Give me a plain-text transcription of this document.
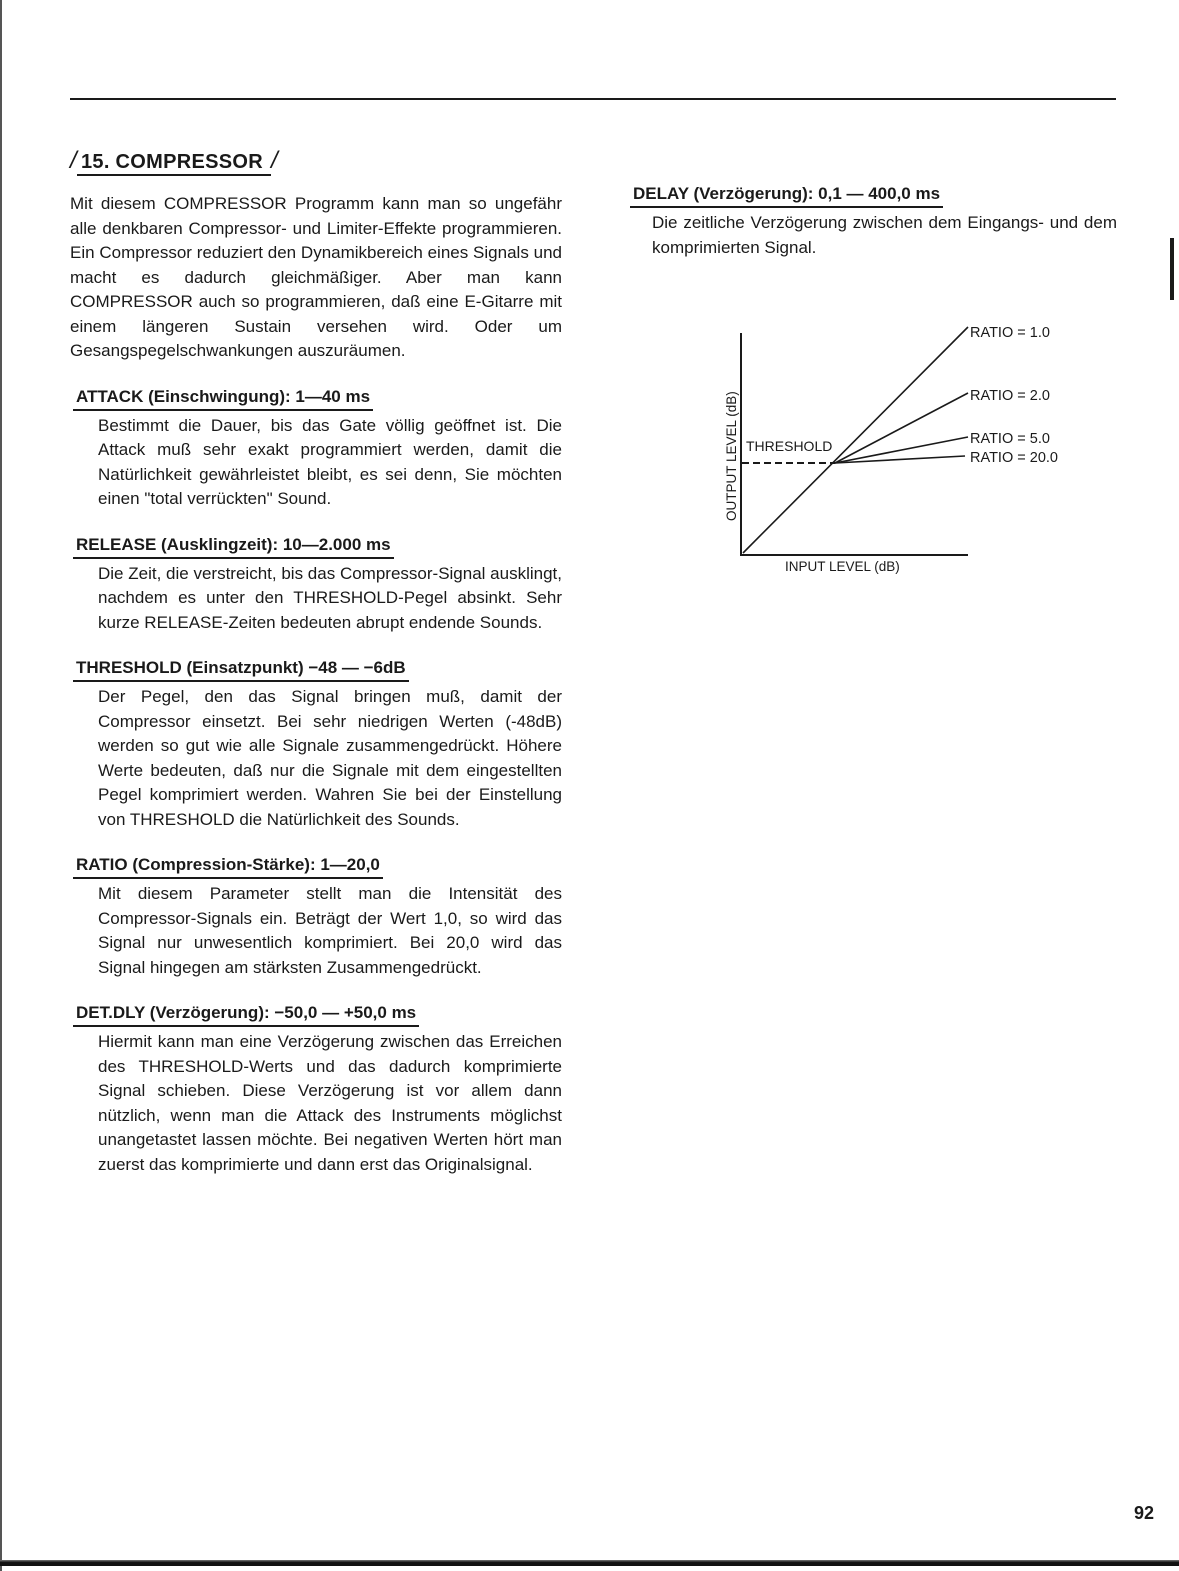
/ 15. COMPRESSOR /

Mit diesem COMPRESSOR Programm kann man so ungefähr alle denkbaren Compressor- und Limiter-Effekte programmieren. Ein Compressor reduziert den Dynamikbereich eines Signals und macht es dadurch gleichmäßiger. Aber man kann COMPRESSOR auch so programmieren, daß eine E-Gitarre mit einem längeren Sustain versehen wird. Oder um Gesangspegelschwankungen auszuräumen.

ATTACK (Einschwingung): 1—40 ms

Bestimmt die Dauer, bis das Gate völlig geöffnet ist. Die Attack muß sehr exakt programmiert werden, damit die Natürlichkeit gewährleistet bleibt, es sei denn, Sie möchten einen "total verrückten" Sound.

RELEASE (Ausklingzeit): 10—2.000 ms

Die Zeit, die verstreicht, bis das Compressor-Signal ausklingt, nachdem es unter den THRESHOLD-Pegel absinkt. Sehr kurze RELEASE-Zeiten bedeuten abrupt endende Sounds.

THRESHOLD (Einsatzpunkt) −48 — −6dB

Der Pegel, den das Signal bringen muß, damit der Compressor einsetzt. Bei sehr niedrigen Werten (-48dB) werden so gut wie alle Signale zusammengedrückt. Höhere Werte bedeuten, daß nur die Signale mit dem eingestellten Pegel komprimiert werden. Wahren Sie bei der Einstellung von THRESHOLD die Natürlichkeit des Sounds.

RATIO (Compression-Stärke): 1—20,0

Mit diesem Parameter stellt man die Intensität des Compressor-Signals ein. Beträgt der Wert 1,0, so wird das Signal nur unwesentlich komprimiert. Bei 20,0 wird das Signal hingegen am stärksten Zusammengedrückt.

DET.DLY (Verzögerung): −50,0 — +50,0 ms

Hiermit kann man eine Verzögerung zwischen das Erreichen des THRESHOLD-Werts und das dadurch komprimierte Signal schieben. Diese Verzögerung ist vor allem dann nützlich, wenn man die Attack des Instruments möglichst unangetastet lassen möchte. Bei negativen Werten hört man zuerst das komprimierte und dann erst das Originalsignal.

DELAY (Verzögerung): 0,1 — 400,0 ms

Die zeitliche Verzögerung zwischen dem Eingangs- und dem komprimierten Signal.

THRESHOLD
RATIO = 1.0
RATIO = 2.0
RATIO = 5.0
RATIO = 20.0
OUTPUT LEVEL (dB)
INPUT LEVEL (dB)
92
